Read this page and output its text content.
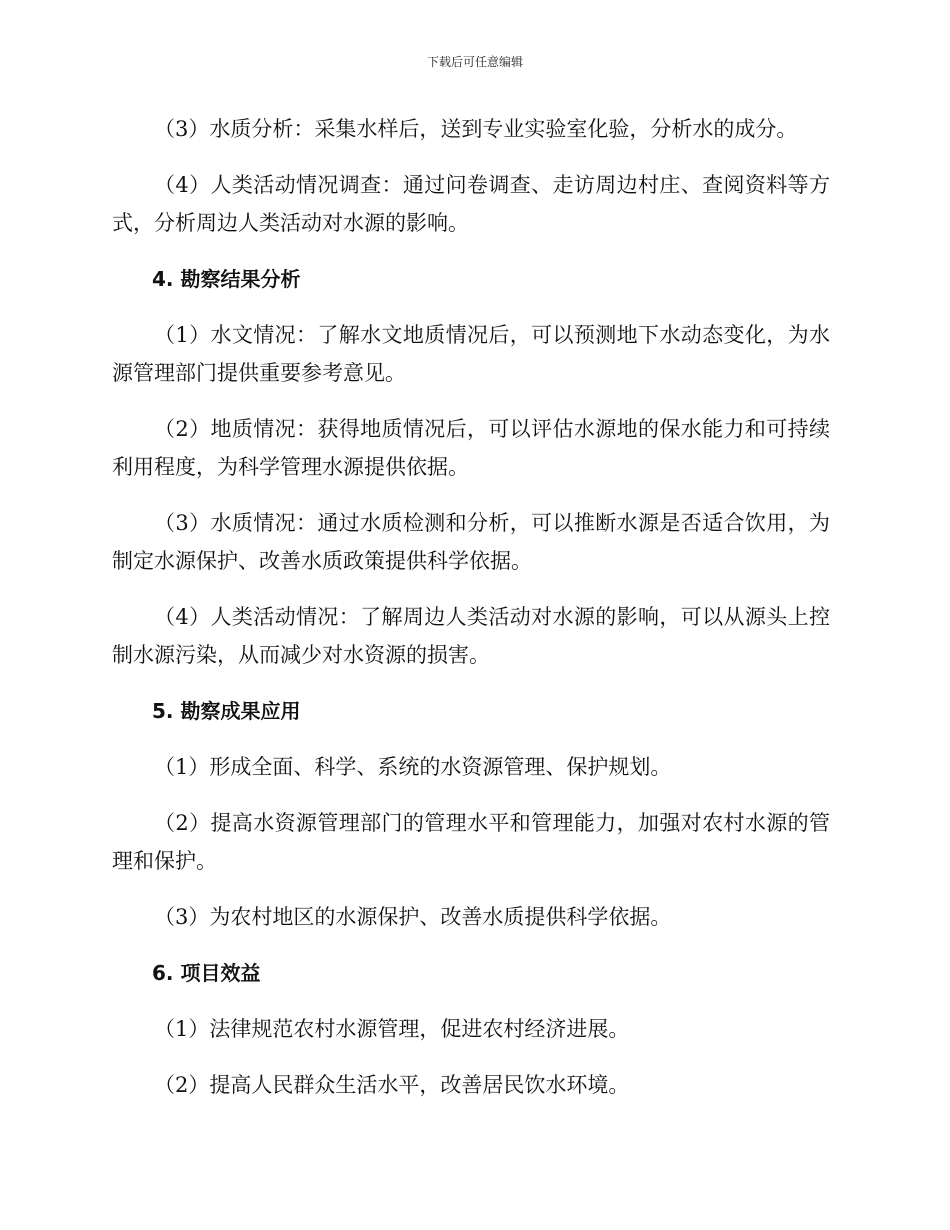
下载后可任意编辑

（3）水质分析：采集水样后，送到专业实验室化验，分析水的成分。

（4）人类活动情况调查：通过问卷调查、走访周边村庄、查阅资料等方式，分析周边人类活动对水源的影响。

4. 勘察结果分析

（1）水文情况：了解水文地质情况后，可以预测地下水动态变化，为水源管理部门提供重要参考意见。

（2）地质情况：获得地质情况后，可以评估水源地的保水能力和可持续利用程度，为科学管理水源提供依据。

（3）水质情况：通过水质检测和分析，可以推断水源是否适合饮用，为制定水源保护、改善水质政策提供科学依据。

（4）人类活动情况：了解周边人类活动对水源的影响，可以从源头上控制水源污染，从而减少对水资源的损害。

5. 勘察成果应用

（1）形成全面、科学、系统的水资源管理、保护规划。

（2）提高水资源管理部门的管理水平和管理能力，加强对农村水源的管理和保护。

（3）为农村地区的水源保护、改善水质提供科学依据。

6. 项目效益

（1）法律规范农村水源管理，促进农村经济进展。

（2）提高人民群众生活水平，改善居民饮水环境。
